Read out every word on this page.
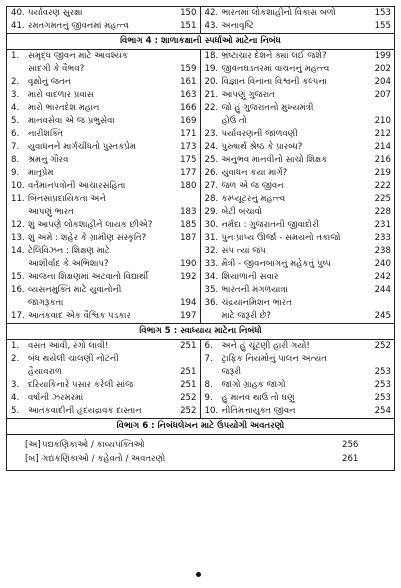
40. પર્યાવરણ સુરક્ષા	150
41. રમતગમતનું જીવનમાં મહત્ત્વ	151
42. ભારતમાં લોકશાહીનો વિકાસ બળો	153
43. અનાવૃષ્ટિ	155
વિભાગ 4 : શાળાકક્ષાની સ્પર્ધાઓ માટેના નિબંધ
1.	સમૃદ્ધ જીવન માટે આવશ્યક
સાદગી કે વૈભવ?	159
2.	વૃક્ષોનું જતન	161
3.	મારો વાદળાર પ્રવાસ	163
4.	મારો ભારતદેશ મહાન	166
5.	માનવસેવા એ જ પ્રભુસેવા	169
6.	નારીશક્તિ	171
7.	યુવાધનને માર્ગચીંધતો પુસ્તકપ્રેમ	173
8.	શ્રમનું ગૌરવ	175
9.	માતૃપ્રેમ	177
10. વર્તમાનપત્રોની આચારસંહિતા	180
11. બિનસાંપ્રદાયિકતા અને
આપણું ભારત	183
12. શું આપણે લોકશાહીને લાયક છીએ?	185
13. શું અમે : શહેર કે ગ્રામીણ સંસ્કૃતિ?	187
14. ટેલિવિઝન : શિક્ષણ માટે
આશીર્વાદ કે અભિશાપ?	190
15. આજના શિક્ષણમાં અટવાતો વિદ્યાર્થી	192
16. વ્યસનમુક્તિ માટે યુવાનોની
જાગરૂકતા	194
17. આતંકવાદ એક વૈશ્વિક પડકાર	197
18. ભ્રષ્ટાચાર દેશને ક્યાં લઈ જશે?	199
19. જીવનઘડતરમાં વાચનનું મહત્ત્વ	202
20. વિજ્ઞાન વિનાના વિશ્વની કલ્પના	204
21. આપણું ગુજરાત	207
22. જો હું ગુજરાતનો મુખ્યમંત્રી
હોઉં તો	210
23. પર્યાવરણની જાળવણી	212
24. પુરુષાર્થ શ્રેષ્ઠ કે પ્રારબ્ધ?	214
25. અનુભવ માનવીનો સાચો શિક્ષક	216
26. યુવાધન કયા માર્ગે?	219
27. જળ એ જ જીવન	222
28. કમ્પ્યૂટરનું મહત્ત્વ	225
29. બેટી બચાવો	228
30. નર્મદા : ગુજરાતની જીવાદોરી	231
31. પુનઃપ્રાપ્ય ઊર્જા - સમયનો તકાજો	233
32. સંપ ત્યાં જંપ	238
33. મૈત્રી - જીવનબાગનું મહેકતું પુષ્પ	240
34. શિયાળાની સવાર	242
35. ભારતની મંગળયાત્રા	244
36. ચંદ્રયાનમિશન ભારત
માટે જરૂરી છે?	245
વિભાગ 5 : સ્વાધ્યાય માટેના નિબંધો
1.	વસંત આવી, રંગો લાવી!	251
2.	બંધ થયેલી ચાલણી નોટની
હૈયાવરાળ	251
3.	દરિયાકિનારે પસાર કરેલી સાંજ	251
4.	વર્ષાની ઝરમરમાં	252
5.	આતંકવાદીની હૃદયદ્રાવક દાસ્તાન	252
6.	અને હું ચૂંટણી હારી ગયો!	252
7.	ટ્રાફિક નિયમોનું પાલન અત્યંત
જરૂરી	253
8.	જાગો ગ્રાહક જાગો	253
9.	હું માનવ થાઉં તો ઘણું	253
10. નીતિમત્તાયુક્ત જીવન	254
વિભાગ 6 : નિબંધલેખન માટે ઉપયોગી અવતરણો
[અ] પદ્યકણિકાઓ / કાવ્યપંક્તિઓ	256
[બ] ગદ્યકણિકાઓ / કહેવતો / અવતરણો	261
